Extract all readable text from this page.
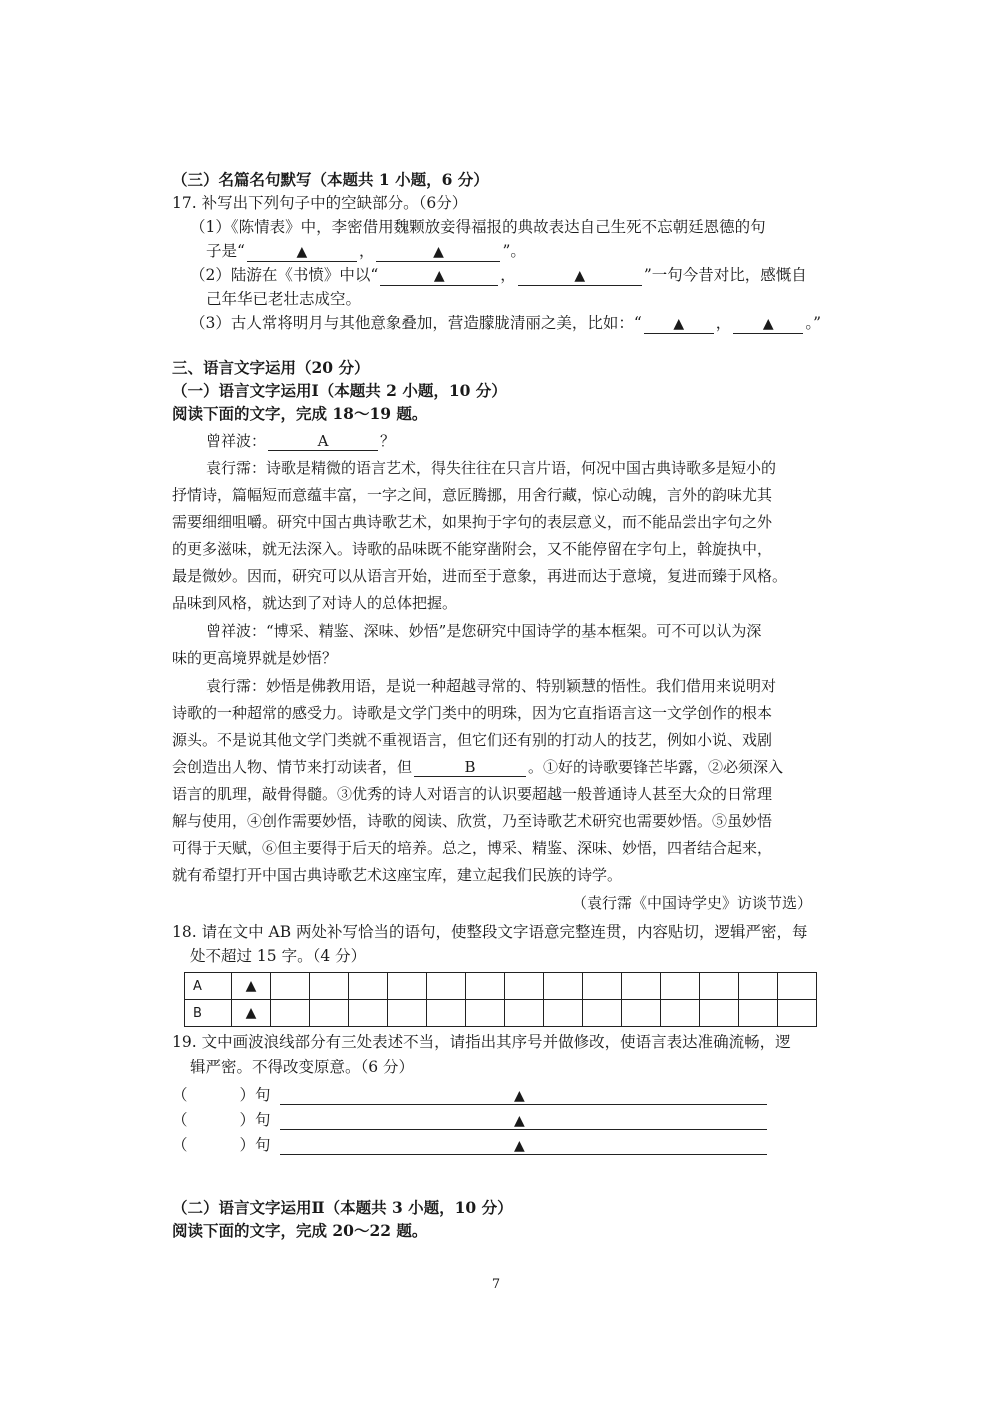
（三）名篇名句默写（本题共 1 小题，6 分）
17. 补写出下列句子中的空缺部分。（6分）
（1）《陈情表》中，李密借用魏颗放妾得福报的典故表达自己生死不忘朝廷恩德的句
子是“	▲	，	▲	”。
（2）陆游在《书愤》中以“	▲	，	▲	”一句今昔对比，感慨自
己年华已老壮志成空。
（3）古人常将明月与其他意象叠加，营造朦胧清丽之美，比如：“ ▲ ， ▲ 。”
三、语言文字运用（20 分）
（一）语言文字运用Ⅰ（本题共 2 小题，10 分）
阅读下面的文字，完成 18～19 题。
曾祥波：	A	？
袁行霈：诗歌是精微的语言艺术，得失往往在只言片语，何况中国古典诗歌多是短小的
抒情诗，篇幅短而意蕴丰富，一字之间，意匠腾挪，用舍行藏，惊心动魄，言外的韵味尤其
需要细细咀嚼。研究中国古典诗歌艺术，如果拘于字句的表层意义，而不能品尝出字句之外
的更多滋味，就无法深入。诗歌的品味既不能穿凿附会，又不能停留在字句上，斡旋执中，
最是微妙。因而，研究可以从语言开始，进而至于意象，再进而达于意境，复进而臻于风格。
品味到风格，就达到了对诗人的总体把握。
曾祥波：“博采、精鉴、深味、妙悟”是您研究中国诗学的基本框架。可不可以认为深
味的更高境界就是妙悟？
袁行霈：妙悟是佛教用语，是说一种超越寻常的、特别颖慧的悟性。我们借用来说明对
诗歌的一种超常的感受力。诗歌是文学门类中的明珠，因为它直指语言这一文学创作的根本
源头。不是说其他文学门类就不重视语言，但它们还有别的打动人的技艺，例如小说、戏剧
会创造出人物、情节来打动读者，但	B	。①好的诗歌要锋芒毕露，②必须深入
语言的肌理，敲骨得髓。③优秀的诗人对语言的认识要超越一般普通诗人甚至大众的日常理
解与使用，④创作需要妙悟，诗歌的阅读、欣赏，乃至诗歌艺术研究也需要妙悟。⑤虽妙悟
可得于天赋，⑥但主要得于后天的培养。总之，博采、精鉴、深味、妙悟，四者结合起来，
就有希望打开中国古典诗歌艺术这座宝库，建立起我们民族的诗学。
（袁行霈《中国诗学史》访谈节选）
18. 请在文中 AB 两处补写恰当的语句，使整段文字语意完整连贯，内容贴切，逻辑严密，每
处不超过 15 字。（4 分）
A	▲														
B	▲														
19. 文中画波浪线部分有三处表述不当，请指出其序号并做修改，使语言表达准确流畅，逻
辑严密。不得改变原意。（6 分）
（	）句	▲
（	）句	▲
（	）句	▲
（二）语言文字运用Ⅱ（本题共 3 小题，10 分）
阅读下面的文字，完成 20～22 题。
7
